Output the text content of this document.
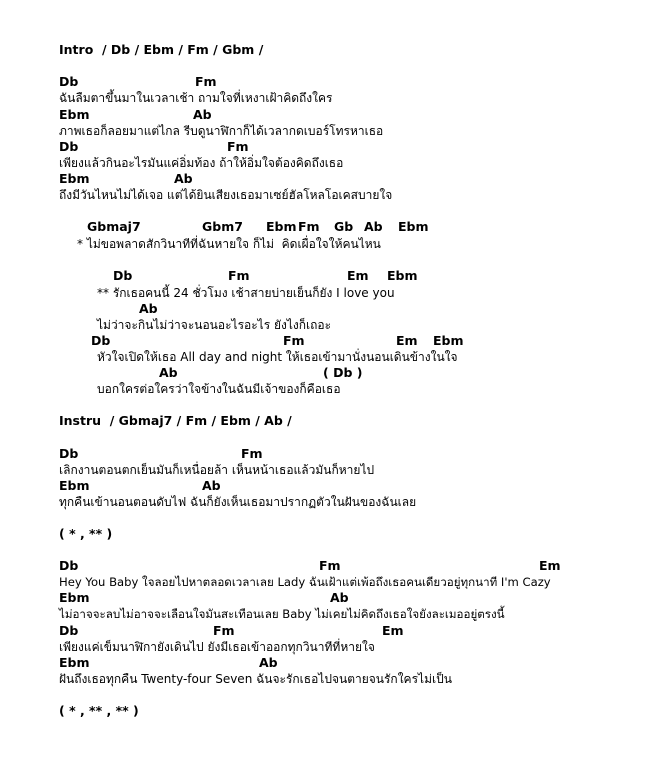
Intro  / Db / Ebm / Fm / Gbm /
Db	Fm
ฉันลืมตาขึ้นมาในเวลาเช้า ถามใจที่เหงาเฝ้าคิดถึงใคร
Ebm	Ab
ภาพเธอก็ลอยมาแต่ไกล รีบดูนาฬิกาก็ได้เวลากดเบอร์โทรหาเธอ
Db	Fm
เพียงแล้วกินอะไรมันแค่อิ่มท้อง ถ้าให้อิ่มใจต้องคิดถึงเธอ
Ebm	Ab
ถึงมีวันไหนไม่ได้เจอ แต่ได้ยินเสียงเธอมาเซย์ฮัลโหลโอเคสบายใจ
Gbmaj7	Gbm7 Ebm Fm Gb Ab Ebm
* ไม่ขอพลาดสักวินาทีที่ฉันหายใจ ก็ไม่  คิดเผื่อใจให้คนไหน
Db	Fm	Em Ebm
** รักเธอคนนี้ 24 ชั่วโมง เช้าสายบ่ายเย็นก็ยัง I love you
Ab
ไม่ว่าจะกินไม่ว่าจะนอนอะไรอะไร ยังไงก็เถอะ
Db	Fm	Em Ebm
หัวใจเปิดให้เธอ All day and night ให้เธอเข้ามานั่งนอนเดินข้างในใจ
Ab	( Db )
บอกใครต่อใครว่าใจข้างในฉันมีเจ้าของก็คือเธอ
Instru  / Gbmaj7 / Fm / Ebm / Ab /
Db	Fm
เลิกงานตอนตกเย็นมันก็เหนื่อยล้า เห็นหน้าเธอแล้วมันก็หายไป
Ebm	Ab
ทุกคืนเข้านอนตอนดับไฟ ฉันก็ยังเห็นเธอมาปรากฏตัวในฝันของฉันเลย
( * , ** )
Db	Fm	Em
Hey You Baby ใจลอยไปหาตลอดเวลาเลย Lady ฉันเฝ้าแต่เพ้อถึงเธอคนเดียวอยู่ทุกนาที I'm Cazy
Ebm	Ab
ไม่อาจจะลบไม่อาจจะเลือนใจมันสะเทือนเลย Baby ไม่เคยไม่คิดถึงเธอใจยังละเมออยู่ตรงนี้
Db	Fm	Em
เพียงแค่เข็มนาฬิกายังเดินไป ยังมีเธอเข้าออกทุกวินาทีที่หายใจ
Ebm	Ab
ฝันถึงเธอทุกคืน Twenty-four Seven ฉันจะรักเธอไปจนตายจนรักใครไม่เป็น
( * , ** , ** )
